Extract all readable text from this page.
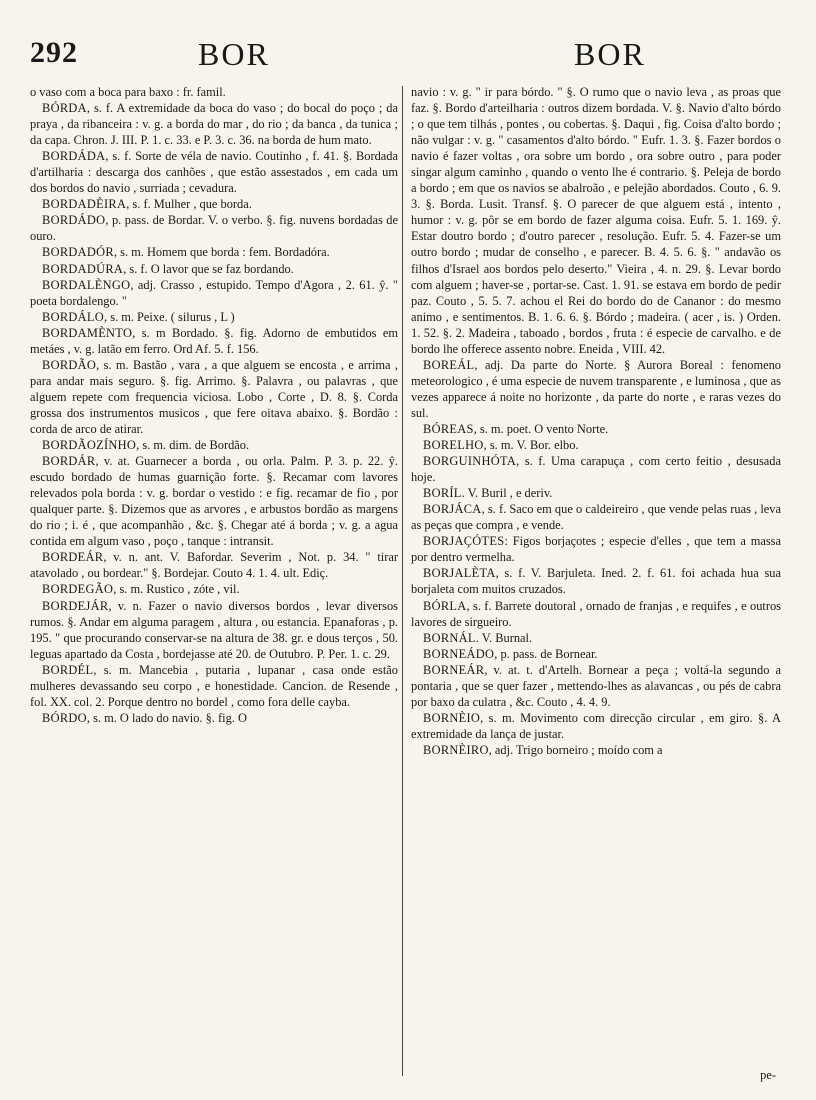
292	BOR	BOR

o vaso com a boca para baxo : fr. famil.

BÓRDA, s. f. A extremidade da boca do vaso ; do bocal do poço ; da praya , da ribanceira : v. g. a borda do mar , do rio ; da banca , da tunica ; da capa. Chron. J. III. P. 1. c. 33. e P. 3. c. 36. na borda de hum mato.

BORDÁDA, s. f. Sorte de véla de navio. Coutinho , f. 41. §. Bordada d'artilharia : descarga dos canhões , que estão assestados , em cada um dos bordos do navio , surriada ; cevadura.

BORDADÈIRA, s. f. Mulher , que borda.

BORDÁDO, p. pass. de Bordar. V. o verbo. §. fig. nuvens bordadas de ouro.

BORDADÓR, s. m. Homem que borda : fem. Bordadóra.

BORDADÚRA, s. f. O lavor que se faz bordando.

BORDALÈNGO, adj. Crasso , estupido. Tempo d'Agora , 2. 61. ŷ. " poeta bordalengo. "

BORDÁLO, s. m. Peixe. ( silurus , L )

BORDAMÈNTO, s. m Bordado. §. fig. Adorno de embutidos em metáes , v. g. latão em ferro. Ord Af. 5. f. 156.

BORDÃO, s. m. Bastão , vara , a que alguem se encosta , e arrima , para andar mais seguro. §. fig. Arrimo. §. Palavra , ou palavras , que alguem repete com frequencia viciosa. Lobo , Corte , D. 8. §. Corda grossa dos instrumentos musicos , que fere oitava abaixo. §. Bordão : corda de arco de atirar.

BORDÃOZÍNHO, s. m. dim. de Bordão.

BORDÁR, v. at. Guarnecer a borda , ou orla. Palm. P. 3. p. 22. ŷ. escudo bordado de humas guarnição forte. §. Recamar com lavores relevados pola borda : v. g. bordar o vestido : e fig. recamar de fio , por qualquer parte. §. Dizemos que as arvores , e arbustos bordão as margens do rio ; i. é , que acompanhão , &c. §. Chegar até á borda ; v. g. a agua contida em algum vaso , poço , tanque : intransit.

BORDEÁR, v. n. ant. V. Bafordar. Severim , Not. p. 34. " tirar atavolado , ou bordear." §. Bordejar. Couto 4. 1. 4. ult. Ediç.

BORDEGÃO, s. m. Rustico , zóte , vil.

BORDEJÁR, v. n. Fazer o navio diversos bordos , levar diversos rumos. §. Andar em alguma paragem , altura , ou estancia. Epanaforas , p. 195. " que procurando conservar-se na altura de 38. gr. e dous terços , 50. leguas apartado da Costa , bordejasse até 20. de Outubro. P. Per. 1. c. 29.

BORDÉL, s. m. Mancebia , putaria , lupanar , casa onde estão mulheres devassando seu corpo , e honestidade. Cancion. de Resende , fol. XX. col. 2. Porque dentro no bordel , como fora delle cayba.

BÓRDO, s. m. O lado do navio. §. fig. O

navio : v. g. " ir para bórdo. " §. O rumo que o navio leva , as proas que faz. §. Bordo d'arteilharia : outros dizem bordada. V. §. Navio d'alto bórdo ; o que tem tilhás , pontes , ou cobertas. §. Daqui , fig. Coisa d'alto bordo ; não vulgar : v. g. " casamentos d'alto bórdo. " Eufr. 1. 3. §. Fazer bordos o navio é fazer voltas , ora sobre um bordo , ora sobre outro , para poder singar algum caminho , quando o vento lhe é contrario. §. Peleja de bordo a bordo ; em que os navios se abalroão , e pelejão abordados. Couto , 6. 9. 3. §. Borda. Lusit. Transf. §. O parecer de que alguem está , intento , humor : v. g. pôr se em bordo de fazer alguma coisa. Eufr. 5. 1. 169. ŷ. Estar doutro bordo ; d'outro parecer , resolução. Eufr. 5. 4. Fazer-se um outro bordo ; mudar de conselho , e parecer. B. 4. 5. 6. §. " andavão os filhos d'Israel aos bordos pelo deserto." Vieira , 4. n. 29. §. Levar bordo com alguem ; haver-se , portar-se. Cast. 1. 91. se estava em bordo de pedir paz. Couto , 5. 5. 7. achou el Rei do bordo do de Cananor : do mesmo animo , e sentimentos. B. 1. 6. 6. §. Bórdo ; madeira. ( acer , is. ) Orden. 1. 52. §. 2. Madeira , taboado , bordos , fruta : é especie de carvalho. e de bordo lhe offerece assento nobre. Eneida , VIII. 42.

BOREÁL, adj. Da parte do Norte. § Aurora Boreal : fenomeno meteorologico , é uma especie de nuvem transparente , e luminosa , que as vezes apparece á noite no horizonte , da parte do norte , e raras vezes do sul.

BÓREAS, s. m. poet. O vento Norte.

BORELHO, s. m. V. Bor. elbo.

BORGUINHÓTA, s. f. Uma carapuça , com certo feitio , desusada hoje.

BORÍL. V. Buril , e deriv.

BORJÁCA, s. f. Saco em que o caldeireiro , que vende pelas ruas , leva as peças que compra , e vende.

BORJAÇÓTES: Figos borjaçotes ; especie d'elles , que tem a massa por dentro vermelha.

BORJALÈTA, s. f. V. Barjuleta. Ined. 2. f. 61. foi achada hua sua borjaleta com muitos cruzados.

BÓRLA, s. f. Barrete doutoral , ornado de franjas , e requifes , e outros lavores de sirgueiro.

BORNÁL. V. Burnal.

BORNEÁDO, p. pass. de Bornear.

BORNEÁR, v. at. t. d'Artelh. Bornear a peça ; voltá-la segundo a pontaria , que se quer fazer , mettendo-lhes as alavancas , ou pés de cabra por baxo da culatra , &c. Couto , 4. 4. 9.

BORNÈIO, s. m. Movimento com direcção circular , em giro. §. A extremidade da lança de justar.

BORNÈIRO, adj. Trigo borneiro ; moído com a

pe-
